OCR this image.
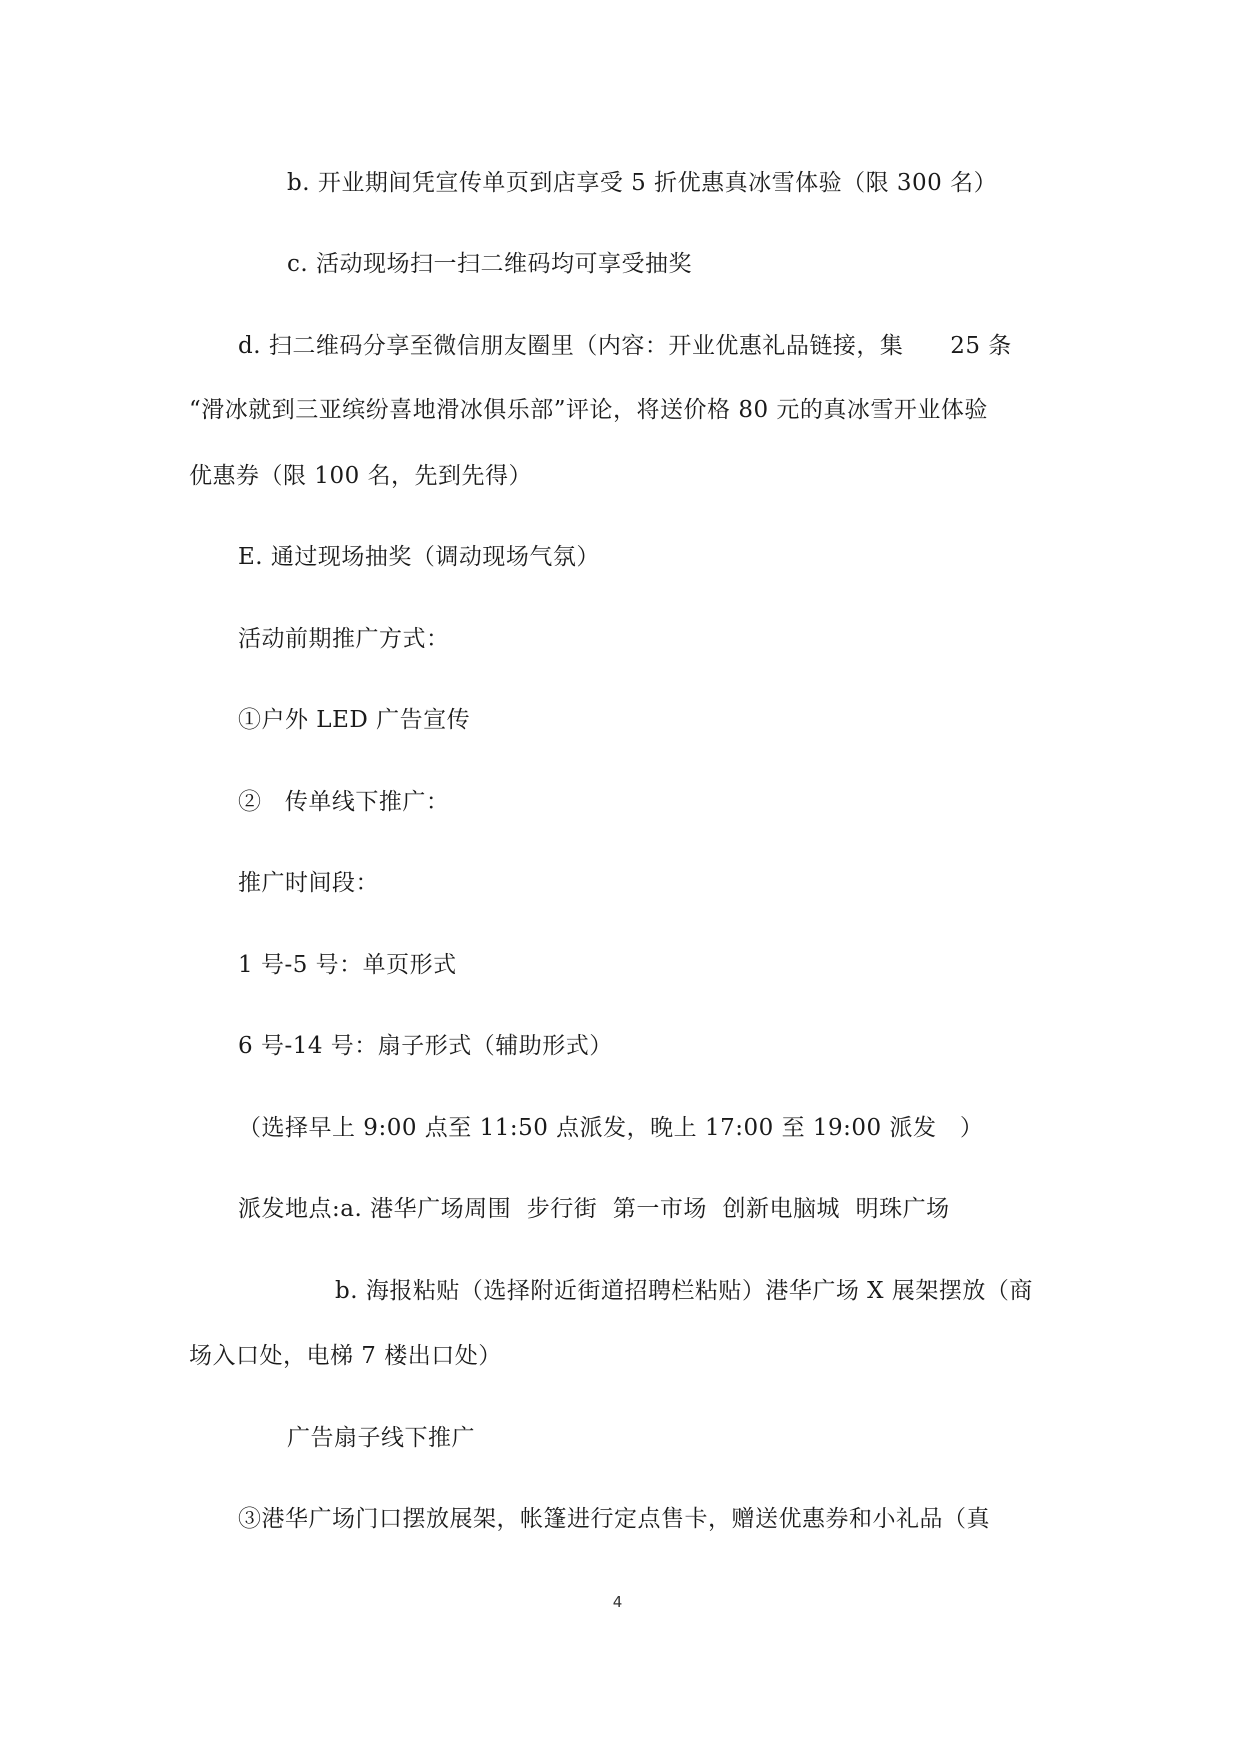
b. 开业期间凭宣传单页到店享受 5 折优惠真冰雪体验（限 300 名）
c. 活动现场扫一扫二维码均可享受抽奖
d. 扫二维码分享至微信朋友圈里（内容：开业优惠礼品链接，集      25 条
“滑冰就到三亚缤纷喜地滑冰俱乐部”评论，将送价格 80 元的真冰雪开业体验
优惠券（限 100 名，先到先得）
E. 通过现场抽奖（调动现场气氛）
活动前期推广方式：
①户外 LED 广告宣传
②   传单线下推广：
推广时间段：
1 号-5 号：单页形式
6 号-14 号：扇子形式（辅助形式）
（选择早上 9:00 点至 11:50 点派发，晚上 17:00 至 19:00 派发   ）
派发地点:a. 港华广场周围  步行街  第一市场  创新电脑城  明珠广场
b. 海报粘贴（选择附近街道招聘栏粘贴）港华广场 X 展架摆放（商
场入口处，电梯 7 楼出口处）
广告扇子线下推广
③港华广场门口摆放展架，帐篷进行定点售卡，赠送优惠券和小礼品（真
4
